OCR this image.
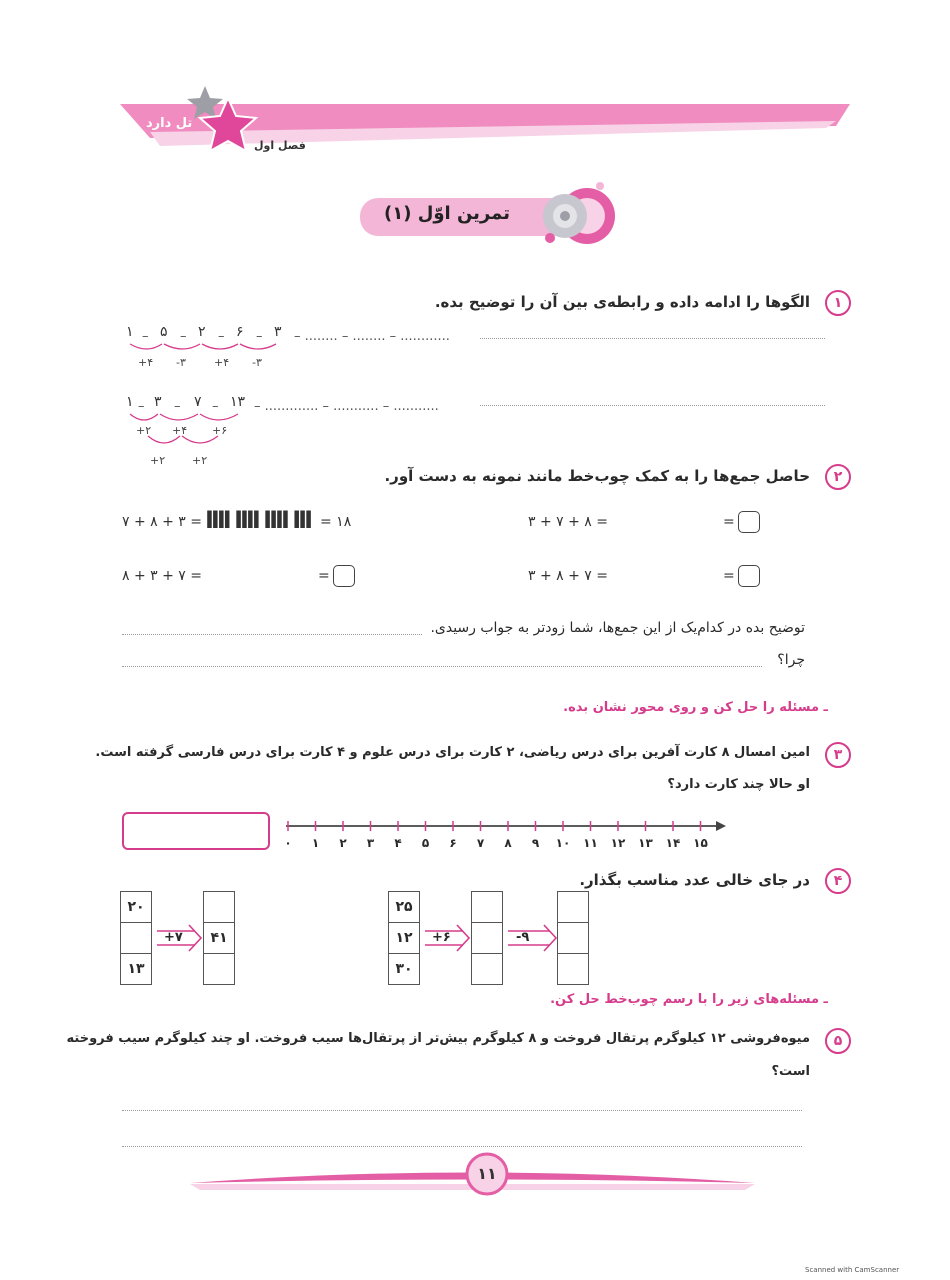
تل دارد
فصل اول
تمرین اوّل (۱)
۱
الگوها را ادامه داده و رابطه‌ی بین آن را توضیح بده.
۱ ۵ ۲ ۶ ۳
– – – – – ........ – ........ – ............
+۴ -۳	+۴ -۳
۱ ۳ ۷ ۱۳
– – –	– ............. – ........... – ...........
+۲ +۴ +۶
+۲ +۲
۲
حاصل جمع‌ها را به کمک چوب‌خط مانند نمونه به دست آور.
۷ + ۸ + ۳ = IIII IIII IIII III = ۱۸	۳ + ۷ + ۸ =	=
۸ + ۳ + ۷ =	=	۳ + ۸ + ۷ =	=
توضیح بده در کدام‌یک از این جمع‌ها، شما زودتر به جواب رسیدی.
چرا؟
ـ مسئله را حل کن و روی محور نشان بده.
۳
امین امسال ۸ کارت آفرین برای درس ریاضی، ۲ کارت برای درس علوم و ۴ کارت برای درس فارسی گرفته است.
او حالا چند کارت دارد؟
۰	۱	۲	۳	۴	۵	۶	۷	۸	۹	۱۰ ۱۱ ۱۲ ۱۳ ۱۴ ۱۵
۴
در جای خالی عدد مناسب بگذار.
۲۰
۱۳
+۷	۴۱
۲۵
۱۲
۳۰
+۶	-۹
ـ مسئله‌های زیر را با رسم چوب‌خط حل کن.
۵
میوه‌فروشی ۱۲ کیلوگرم پرتقال فروخت و ۸ کیلوگرم بیش‌تر از پرتقال‌ها سیب فروخت. او چند کیلوگرم سیب فروخته
است؟
۱۱
Scanned with CamScanner
